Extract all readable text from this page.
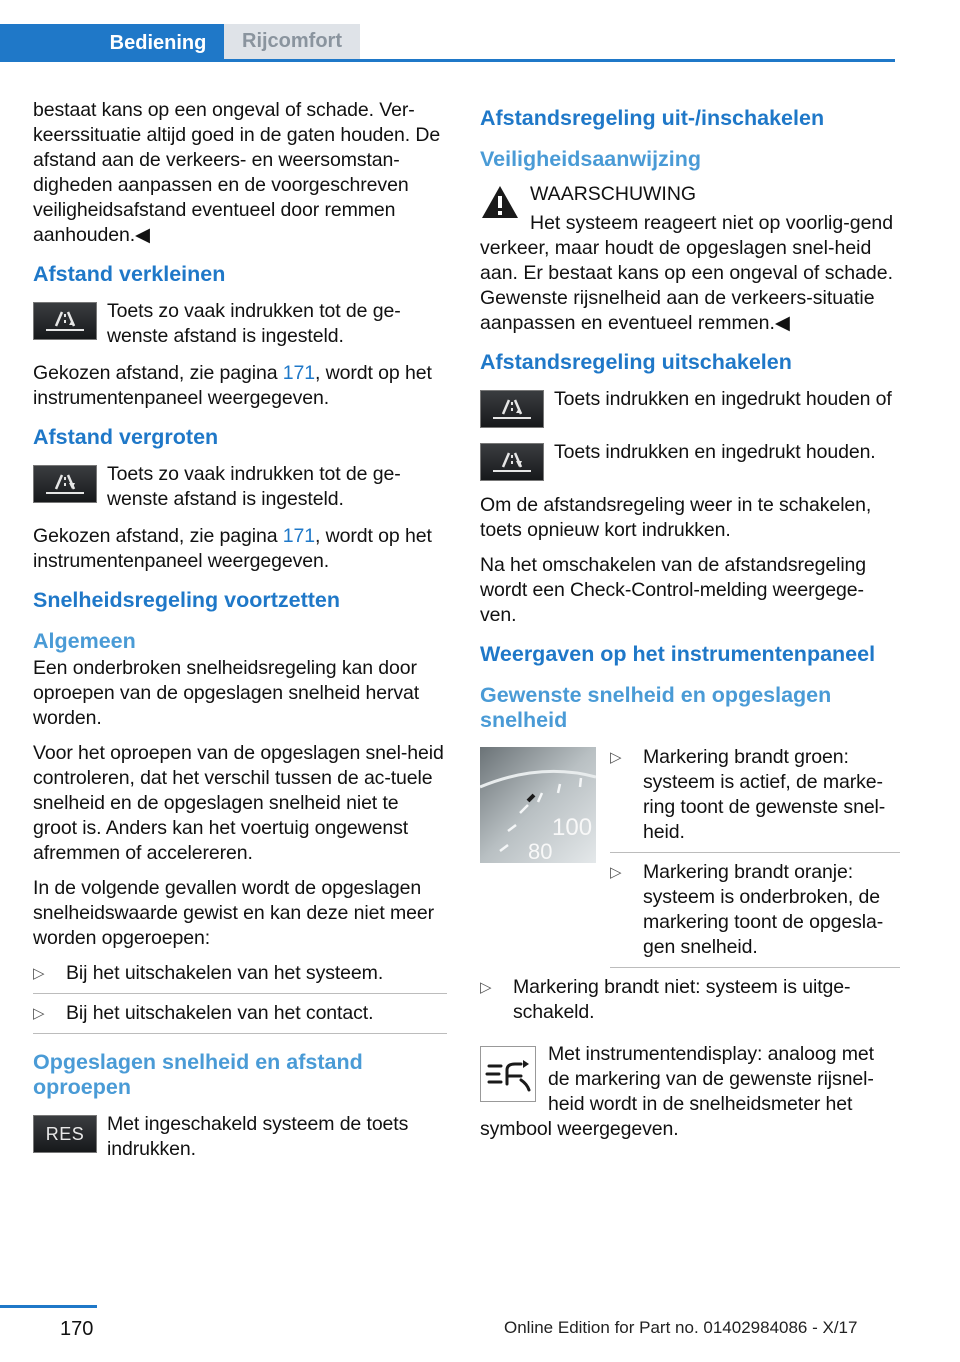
Bediening	Rijcomfort

bestaat kans op een ongeval of schade. Ver-keerssituatie altijd goed in de gaten houden. De afstand aan de verkeers- en weersomstan-digheden aanpassen en de voorgeschreven veiligheidsafstand eventueel door remmen aanhouden.◀

Afstand verkleinen
Toets zo vaak indrukken tot de ge-wenste afstand is ingesteld.

Gekozen afstand, zie pagina 171, wordt op het instrumentenpaneel weergegeven.

Afstand vergroten
Toets zo vaak indrukken tot de ge-wenste afstand is ingesteld.

Gekozen afstand, zie pagina 171, wordt op het instrumentenpaneel weergegeven.

Snelheidsregeling voortzetten
Algemeen

Een onderbroken snelheidsregeling kan door oproepen van de opgeslagen snelheid hervat worden.

Voor het oproepen van de opgeslagen snel-heid controleren, dat het verschil tussen de ac-tuele snelheid en de opgeslagen snelheid niet te groot is. Anders kan het voertuig ongewenst afremmen of accelereren.

In de volgende gevallen wordt de opgeslagen snelheidswaarde gewist en kan deze niet meer worden opgeroepen:

▷ Bij het uitschakelen van het systeem.
▷ Bij het uitschakelen van het contact.
Opgeslagen snelheid en afstand oproepen
RES Met ingeschakeld systeem de toets indrukken.
Afstandsregeling uit-/inschakelen
Veiligheidsaanwijzing
WAARSCHUWING
Het systeem reageert niet op voorlig-gend verkeer, maar houdt de opgeslagen snel-heid aan. Er bestaat kans op een ongeval of schade. Gewenste rijsnelheid aan de verkeers-situatie aanpassen en eventueel remmen.◀
Afstandsregeling uitschakelen
Toets indrukken en ingedrukt houden of
Toets indrukken en ingedrukt houden.

Om de afstandsregeling weer in te schakelen, toets opnieuw kort indrukken.

Na het omschakelen van de afstandsregeling wordt een Check-Control-melding weergege-ven.

Weergaven op het instrumentenpaneel
Gewenste snelheid en opgeslagen snelheid
100
80
▷ Markering brandt groen: systeem is actief, de marke-ring toont de gewenste snel-heid.
▷ Markering brandt oranje: systeem is onderbroken, de markering toont de opgesla-gen snelheid.
▷ Markering brandt niet: systeem is uitge-schakeld.

Met instrumentendisplay: analoog met de markering van de gewenste rijsnel-heid wordt in de snelheidsmeter het symbool weergegeven.

170	Online Edition for Part no. 01402984086 - X/17
